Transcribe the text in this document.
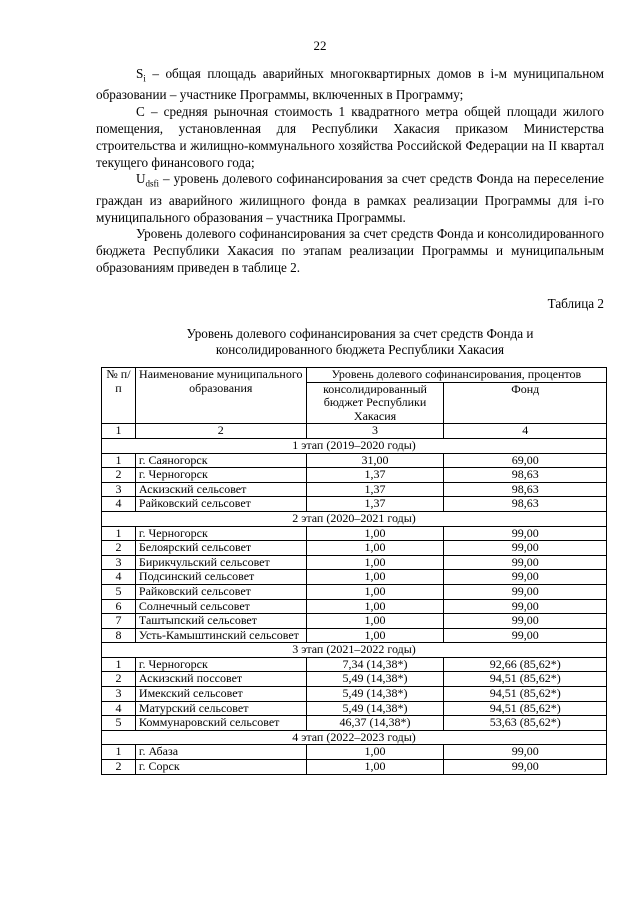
22

$S_i$ – общая площадь аварийных многоквартирных домов в i-м муниципальном образовании – участнике Программы, включенных в Программу;

С – средняя рыночная стоимость 1 квадратного метра общей площади жилого помещения, установленная для Республики Хакасия приказом Министерства строительства и жилищно-коммунального хозяйства Российской Федерации на II квартал текущего финансового года;

$U_{dsfi}$ – уровень долевого софинансирования за счет средств Фонда на переселение граждан из аварийного жилищного фонда в рамках реализации Программы для i-го муниципального образования – участника Программы.

Уровень долевого софинансирования за счет средств Фонда и консолидированного бюджета Республики Хакасия по этапам реализации Программы и муниципальным образованиям приведен в таблице 2.

Таблица 2
Уровень долевого софинансирования за счет средств Фонда и консолидированного бюджета Республики Хакасия
№ п/п	Наименование муниципального образования	Уровень долевого софинансирования, процентов	
		консолидированный бюджет Республики Хакасия	Фонд
1	2	3	4
1 этап (2019–2020 годы)			
1	г. Саяногорск	31,00	69,00
2	г. Черногорск	1,37	98,63
3	Аскизский сельсовет	1,37	98,63
4	Райковский сельсовет	1,37	98,63
2 этап (2020–2021 годы)			
1	г. Черногорск	1,00	99,00
2	Белоярский сельсовет	1,00	99,00
3	Бирикчульский сельсовет	1,00	99,00
4	Подсинский сельсовет	1,00	99,00
5	Райковский сельсовет	1,00	99,00
6	Солнечный сельсовет	1,00	99,00
7	Таштыпский сельсовет	1,00	99,00
8	Усть-Камыштинский сельсовет	1,00	99,00
3 этап (2021–2022 годы)			
1	г. Черногорск	7,34 (14,38*)	92,66 (85,62*)
2	Аскизский поссовет	5,49 (14,38*)	94,51 (85,62*)
3	Имекский сельсовет	5,49 (14,38*)	94,51 (85,62*)
4	Матурский сельсовет	5,49 (14,38*)	94,51 (85,62*)
5	Коммунаровский сельсовет	46,37 (14,38*)	53,63 (85,62*)
4 этап (2022–2023 годы)			
1	г. Абаза	1,00	99,00
2	г. Сорск	1,00	99,00
